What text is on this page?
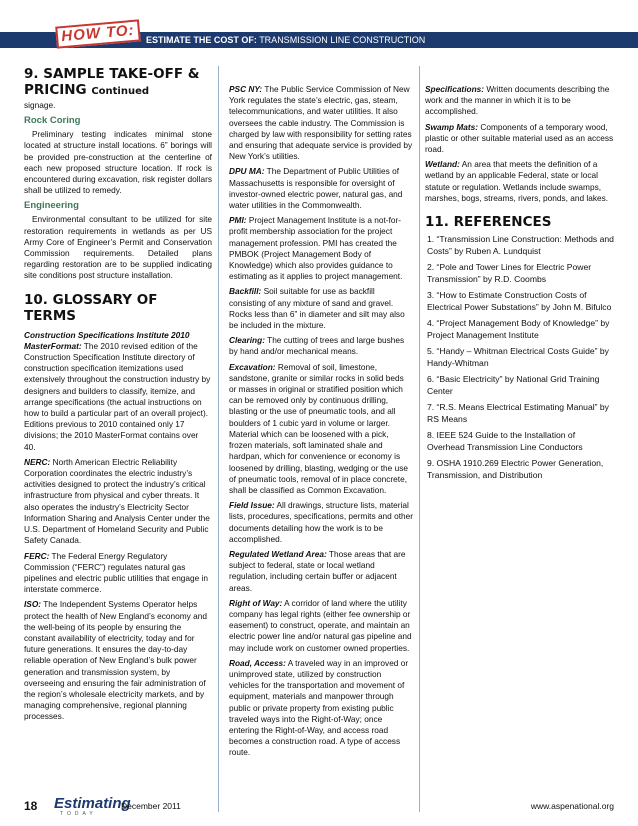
HOW TO:	ESTIMATE THE COST OF: TRANSMISSION LINE CONSTRUCTION
9. SAMPLE TAKE-OFF &
PRICING Continued

signage.

Rock Coring

Preliminary testing indicates minimal stone located at structure install locations. 6” borings will be provided pre-construction at the centerline of each new proposed structure location. If rock is encountered during excavation, risk register dollars shall be utilized to remedy.

Engineering

Environmental consultant to be utilized for site restoration requirements in wetlands as per US Army Core of Engineer’s Permit and Conservation Commission requirements. Detailed plans regarding restoration are to be supplied indicating site conditions post structure installation.

10. GLOSSARY OF TERMS

Construction Specifications Institute 2010 MasterFormat: The 2010 revised edition of the Construction Specification Institute directory of construction specification itemizations used extensively throughout the construction industry by designers and builders to classify, itemize, and arrange specifications (the actual instructions on how to build a particular part of an overall project). Editions previous to 2010 contained only 17 divisions; the 2010 MasterFormat contains over 40.

NERC: North American Electric Reliability Corporation coordinates the electric industry’s activities designed to protect the industry’s critical infrastructure from physical and cyber threats. It also operates the industry’s Electricity Sector Information Sharing and Analysis Center under the U.S. Department of Homeland Security and Public Safety Canada.

FERC: The Federal Energy Regulatory Commission (“FERC”) regulates natural gas pipelines and electric public utilities that engage in interstate commerce.

ISO: The Independent Systems Operator helps protect the health of New England’s economy and the well-being of its people by ensuring the constant availability of electricity, today and for future generations. It ensures the day-to-day reliable operation of New England’s bulk power generation and transmission system, by overseeing and ensuring the fair administration of the region’s wholesale electricity markets, and by managing comprehensive, regional planning processes.

PSC NY: The Public Service Commission of New York regulates the state’s electric, gas, steam, telecommunications, and water utilities. It also oversees the cable industry. The Commission is charged by law with responsibility for setting rates and ensuring that adequate service is provided by New York’s utilities.

DPU MA: The Department of Public Utilities of Massachusetts is responsible for oversight of investor-owned electric power, natural gas, and water utilities in the Commonwealth.

PMI: Project Management Institute is a not-for-profit membership association for the project management profession. PMI has created the PMBOK (Project Management Body of Knowledge) which also provides guidance to estimating as it applies to project management.

Backfill: Soil suitable for use as backfill consisting of any mixture of sand and gravel. Rocks less than 6” in diameter and silt may also be included in the mixture.

Clearing: The cutting of trees and large bushes by hand and/or mechanical means.

Excavation: Removal of soil, limestone, sandstone, granite or similar rocks in solid beds or masses in original or stratified position which can be removed only by continuous drilling, blasting or the use of pneumatic tools, and all boulders of 1 cubic yard in volume or larger. Material which can be loosened with a pick, frozen materials, soft laminated shale and hardpan, which for convenience or economy is loosened by drilling, blasting, wedging or the use of pneumatic tools, removal of in place concrete, shall be classified as Common Excavation.

Field Issue: All drawings, structure lists, material lists, procedures, specifications, permits and other documents detailing how the work is to be accomplished.

Regulated Wetland Area: Those areas that are subject to federal, state or local wetland regulation, including certain buffer or adjacent areas.

Right of Way: A corridor of land where the utility company has legal rights (either fee ownership or easement) to construct, operate, and maintain an electric power line and/or natural gas pipeline and may include work on customer owned properties.

Road, Access: A traveled way in an improved or unimproved state, utilized by construction vehicles for the transportation and movement of equipment, materials and manpower through public or private property from existing public traveled ways into the Right-of-Way; once entering the Right-of-Way, and access road becomes a construction road. A type of access route.

Specifications: Written documents describing the work and the manner in which it is to be accomplished.

Swamp Mats: Components of a temporary wood, plastic or other suitable material used as an access road.

Wetland: An area that meets the definition of a wetland by an applicable Federal, state or local statute or regulation. Wetlands include swamps, marshes, bogs, streams, rivers, ponds, and lakes.

11. REFERENCES

1. “Transmission Line Construction: Methods and Costs” by Ruben A. Lundquist

2. “Pole and Tower Lines for Electric Power Transmission” by R.D. Coombs

3. “How to Estimate Construction Costs of Electrical Power Substations” by John M. Bifulco

4. “Project Management Body of Knowledge” by Project Management Institute

5. “Handy – Whitman Electrical Costs Guide” by Handy-Whitman

6. “Basic Electricity” by National Grid Training Center

7. “R.S. Means Electrical Estimating Manual” by RS Means

8. IEEE 524 Guide to the Installation of Overhead Transmission Line Conductors

9. OSHA 1910.269 Electric Power Generation, Transmission, and Distribution

18 Estimating
TODAY
December 2011	www.aspenational.org
